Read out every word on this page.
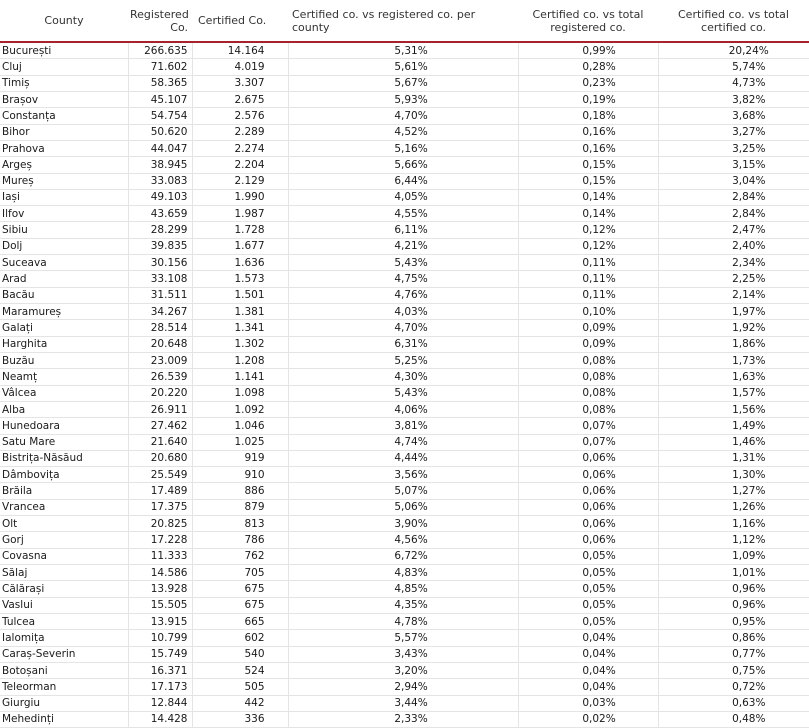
County	Registered Co.	Certified Co.	Certified co. vs registered co. per county	Certified co. vs total registered co.	Certified co. vs total certified co.
București	266.635	14.164	5,31%	0,99%	20,24%
Cluj	71.602	4.019	5,61%	0,28%	5,74%
Timiș	58.365	3.307	5,67%	0,23%	4,73%
Brașov	45.107	2.675	5,93%	0,19%	3,82%
Constanța	54.754	2.576	4,70%	0,18%	3,68%
Bihor	50.620	2.289	4,52%	0,16%	3,27%
Prahova	44.047	2.274	5,16%	0,16%	3,25%
Argeș	38.945	2.204	5,66%	0,15%	3,15%
Mureș	33.083	2.129	6,44%	0,15%	3,04%
Iași	49.103	1.990	4,05%	0,14%	2,84%
Ilfov	43.659	1.987	4,55%	0,14%	2,84%
Sibiu	28.299	1.728	6,11%	0,12%	2,47%
Dolj	39.835	1.677	4,21%	0,12%	2,40%
Suceava	30.156	1.636	5,43%	0,11%	2,34%
Arad	33.108	1.573	4,75%	0,11%	2,25%
Bacău	31.511	1.501	4,76%	0,11%	2,14%
Maramureș	34.267	1.381	4,03%	0,10%	1,97%
Galați	28.514	1.341	4,70%	0,09%	1,92%
Harghita	20.648	1.302	6,31%	0,09%	1,86%
Buzău	23.009	1.208	5,25%	0,08%	1,73%
Neamț	26.539	1.141	4,30%	0,08%	1,63%
Vâlcea	20.220	1.098	5,43%	0,08%	1,57%
Alba	26.911	1.092	4,06%	0,08%	1,56%
Hunedoara	27.462	1.046	3,81%	0,07%	1,49%
Satu Mare	21.640	1.025	4,74%	0,07%	1,46%
Bistrița-Năsăud	20.680	919	4,44%	0,06%	1,31%
Dâmbovița	25.549	910	3,56%	0,06%	1,30%
Brăila	17.489	886	5,07%	0,06%	1,27%
Vrancea	17.375	879	5,06%	0,06%	1,26%
Olt	20.825	813	3,90%	0,06%	1,16%
Gorj	17.228	786	4,56%	0,06%	1,12%
Covasna	11.333	762	6,72%	0,05%	1,09%
Sălaj	14.586	705	4,83%	0,05%	1,01%
Călărași	13.928	675	4,85%	0,05%	0,96%
Vaslui	15.505	675	4,35%	0,05%	0,96%
Tulcea	13.915	665	4,78%	0,05%	0,95%
Ialomița	10.799	602	5,57%	0,04%	0,86%
Caraș-Severin	15.749	540	3,43%	0,04%	0,77%
Botoșani	16.371	524	3,20%	0,04%	0,75%
Teleorman	17.173	505	2,94%	0,04%	0,72%
Giurgiu	12.844	442	3,44%	0,03%	0,63%
Mehedinți	14.428	336	2,33%	0,02%	0,48%
